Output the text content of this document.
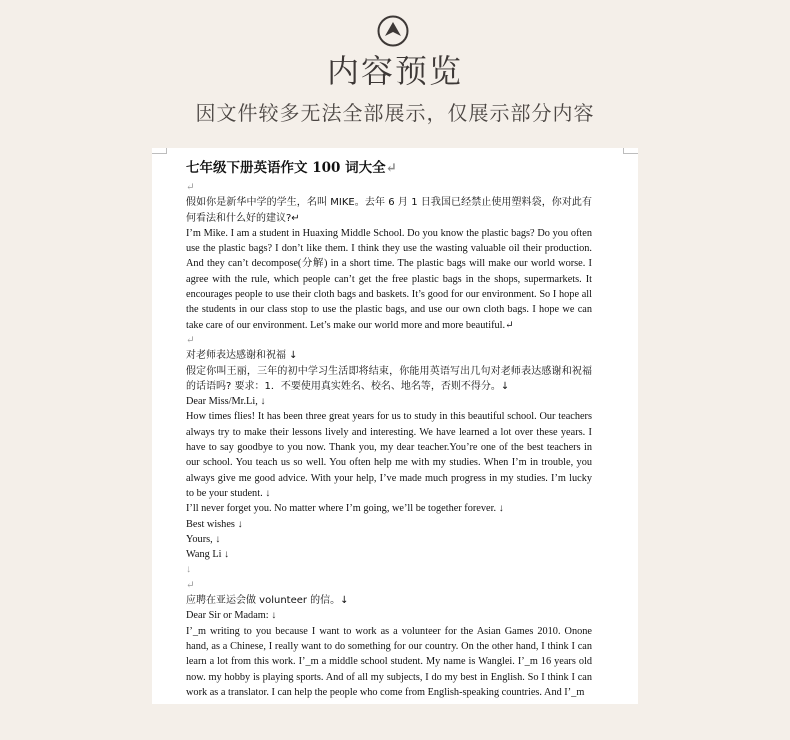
内容预览
因文件较多无法全部展示，仅展示部分内容
七年级下册英语作文 100 词大全↵
↵
假如你是新华中学的学生，名叫 MIKE。去年 6 月 1 日我国已经禁止使用塑料袋，你对此有何看法和什么好的建议?↵
I’m Mike. I am a student in Huaxing Middle School. Do you know the plastic bags? Do you often use the plastic bags? I don’t like them. I think they use the wasting valuable oil their production. And they can’t decompose(分解) in a short time. The plastic bags will make our world worse. I agree with the rule, which people can’t get the free plastic bags in the shops, supermarkets. It encourages people to use their cloth bags and baskets. It’s good for our environment. So I hope all the students in our class stop to use the plastic bags, and use our own cloth bags. I hope we can take care of our environment. Let’s make our world more and more beautiful.↵
↵
对老师表达感谢和祝福 ↓
假定你叫王丽，三年的初中学习生活即将结束，你能用英语写出几句对老师表达感谢和祝福的话语吗? 要求：1．不要使用真实姓名、校名、地名等，否则不得分。↓
Dear Miss/Mr.Li, ↓
How times flies! It has been three great years for us to study in this beautiful school. Our teachers always try to make their lessons lively and interesting. We have learned a lot over these years. I have to say goodbye to you now. Thank you, my dear teacher.You’re one of the best teachers in our school. You teach us so well. You often help me with my studies. When I’m in trouble, you always give me good advice. With your help, I’ve made much progress in my studies. I’m lucky to be your student. ↓
I’ll never forget you. No matter where I’m going, we’ll be together forever. ↓
Best wishes ↓
Yours, ↓
Wang Li ↓
↓
↵
应聘在亚运会做 volunteer 的信。↓
Dear Sir or Madam: ↓
I’_m writing to you because I want to work as a volunteer for the Asian Games 2010. Onone hand, as a Chinese, I really want to do something for our country. On the other hand, I think I can learn a lot from this work. I’_m a middle school student. My name is Wanglei. I’_m 16 years old now. my hobby is playing sports. And of all my subjects, I do my best in English. So I think I can work as a translator. I can help the people who come from English-speaking countries. And I’_m
